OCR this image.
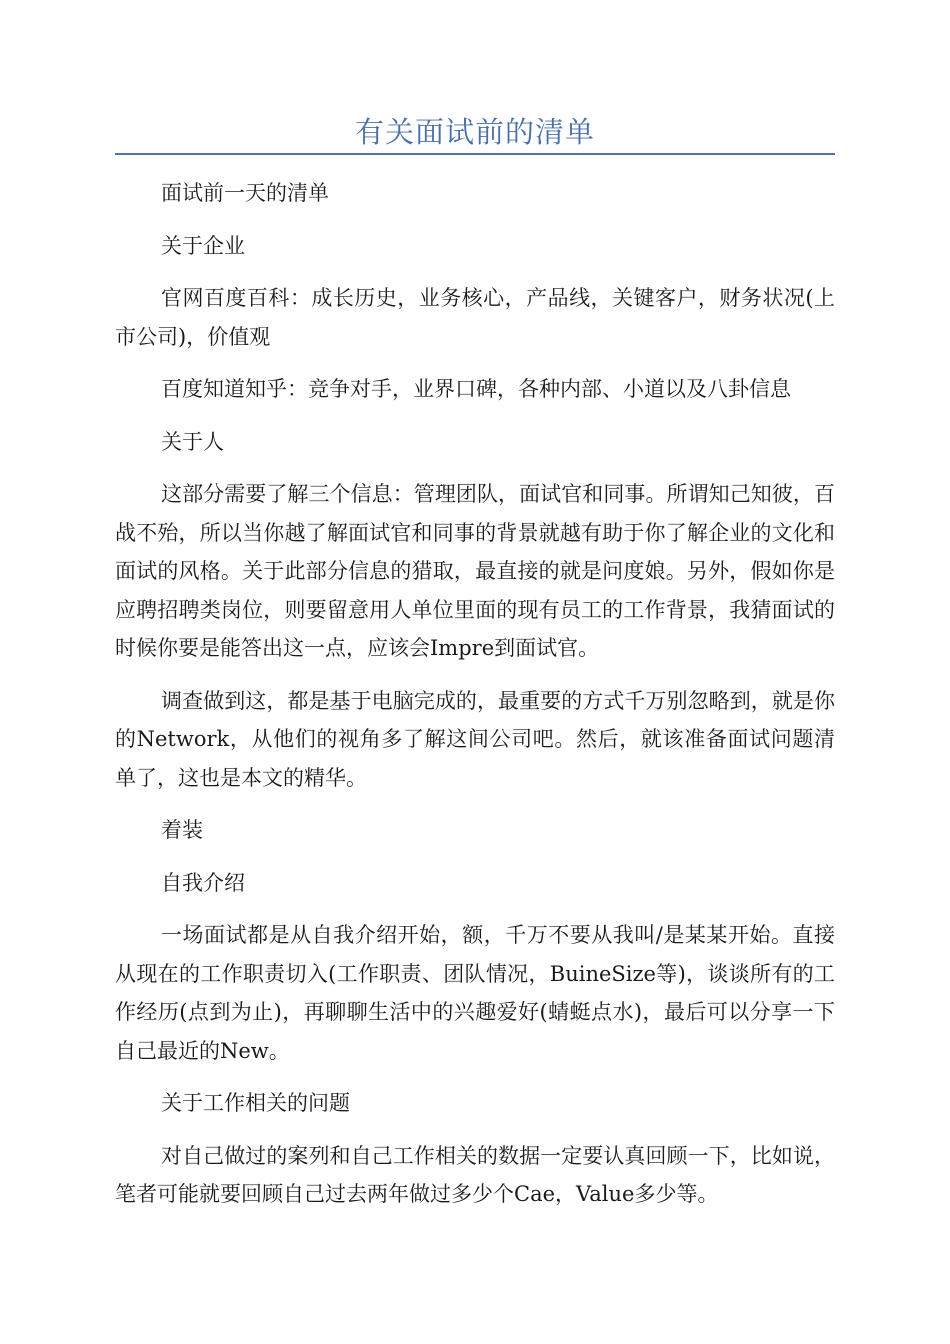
有关面试前的清单

面试前一天的清单

关于企业

官网百度百科：成长历史，业务核心，产品线，关键客户，财务状况(上市公司)，价值观

百度知道知乎：竞争对手，业界口碑，各种内部、小道以及八卦信息

关于人

这部分需要了解三个信息：管理团队，面试官和同事。所谓知己知彼，百战不殆，所以当你越了解面试官和同事的背景就越有助于你了解企业的文化和面试的风格。关于此部分信息的猎取，最直接的就是问度娘。另外，假如你是应聘招聘类岗位，则要留意用人单位里面的现有员工的工作背景，我猜面试的时候你要是能答出这一点，应该会Impre到面试官。

调查做到这，都是基于电脑完成的，最重要的方式千万别忽略到，就是你的Network，从他们的视角多了解这间公司吧。然后，就该准备面试问题清单了，这也是本文的精华。

着装

自我介绍

一场面试都是从自我介绍开始，额，千万不要从我叫/是某某开始。直接从现在的工作职责切入(工作职责、团队情况，BuineSize等)，谈谈所有的工作经历(点到为止)，再聊聊生活中的兴趣爱好(蜻蜓点水)，最后可以分享一下自己最近的New。

关于工作相关的问题

对自己做过的案列和自己工作相关的数据一定要认真回顾一下，比如说，笔者可能就要回顾自己过去两年做过多少个Cae，Value多少等。
